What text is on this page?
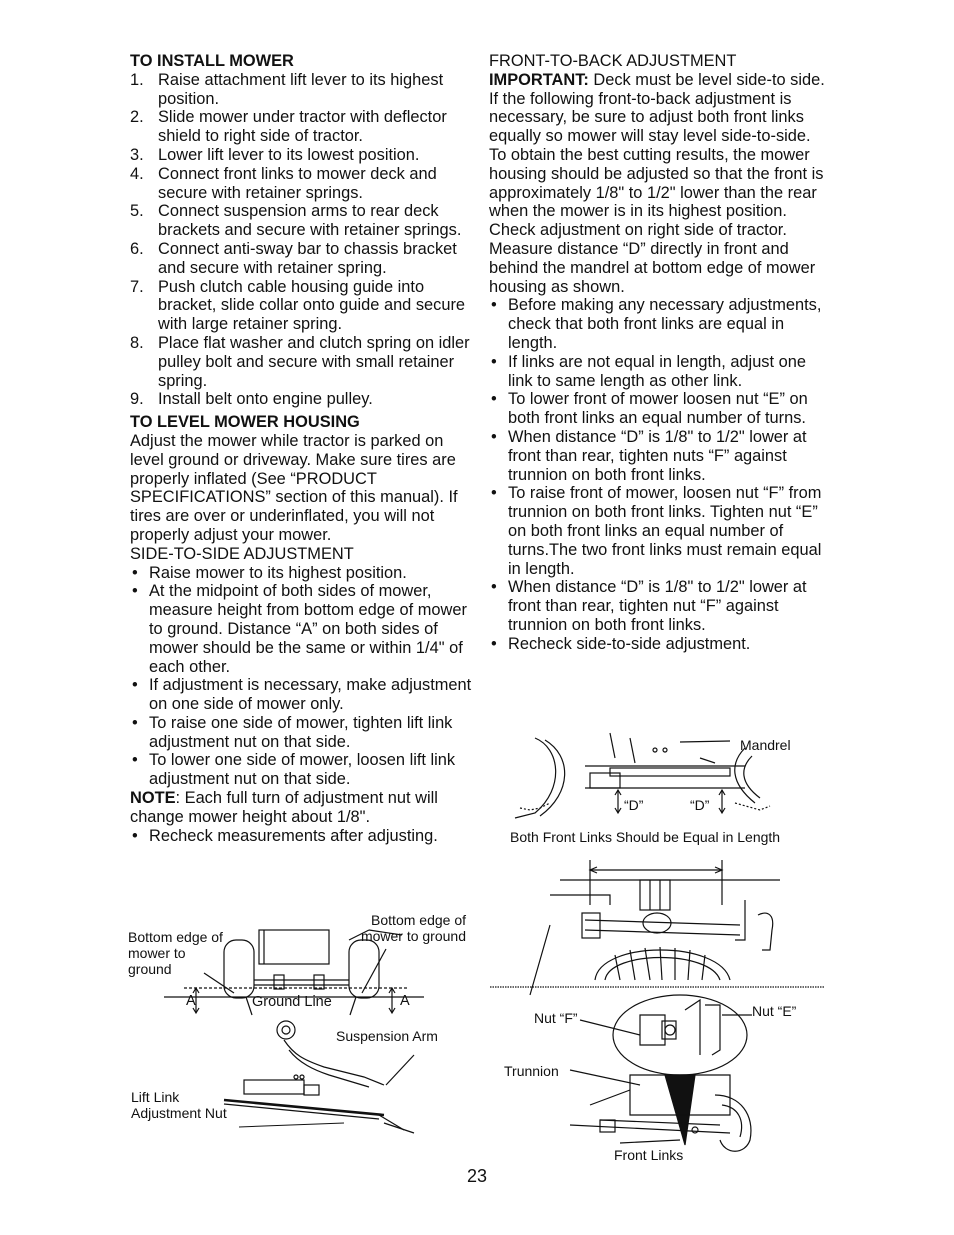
TO INSTALL MOWER
1. Raise attachment lift lever to its highest position.
2. Slide mower under tractor with deflector shield to right side of tractor.
3. Lower lift lever to its lowest position.
4. Connect front links to mower deck and secure with retainer springs.
5. Connect suspension arms to rear deck brackets and secure with retainer springs.
6. Connect anti-sway bar to chassis bracket and secure with retainer spring.
7. Push clutch cable housing guide into bracket, slide collar onto guide and secure with large retainer spring.
8. Place flat washer and clutch spring on idler pulley bolt and secure with small retainer spring.
9. Install belt onto engine pulley.
TO LEVEL MOWER HOUSING

Adjust the mower while tractor is parked on level ground or driveway. Make sure tires are properly inflated (See “PRODUCT SPECIFICATIONS” section of this manual). If tires are over or underinflated, you will not properly adjust your mower.

SIDE-TO-SIDE ADJUSTMENT

• Raise mower to its highest position.
• At the midpoint of both sides of mower, measure height from bottom edge of mower to ground. Distance “A” on both sides of mower should be the same or within 1/4" of each other.
• If adjustment is necessary, make adjustment on one side of mower only.
• To raise one side of mower, tighten lift link adjustment nut on that side.
• To lower one side of mower, loosen lift link adjustment nut on that side.

NOTE: Each full turn of adjustment nut will change mower height about 1/8".

• Recheck measurements after adjusting.

FRONT-TO-BACK ADJUSTMENT

IMPORTANT: Deck must be level side-to side. If the following front-to-back adjustment is necessary, be sure to adjust both front links equally so mower will stay level side-to-side.

To obtain the best cutting results, the mower housing should be adjusted so that the front is approximately 1/8" to 1/2" lower than the rear when the mower is in its highest position.

Check adjustment on right side of tractor. Measure distance “D” directly in front and behind the mandrel at bottom edge of mower housing as shown.

• Before making any necessary adjustments, check that both front links are equal in length.
• If links are not equal in length, adjust one link to same length as other link.
• To lower front of mower loosen nut “E” on both front links an equal number of turns.
• When distance “D” is 1/8" to 1/2" lower at front than rear, tighten nuts “F” against trunnion on both front links.
• To raise front of mower, loosen nut “F” from trunnion on both front links. Tighten nut “E” on both front links an equal number of turns.The two front links must remain equal in length.
• When distance “D” is 1/8" to 1/2" lower at front than rear, tighten nut “F” against trunnion on both front links.
• Recheck side-to-side adjustment.
Bottom edge of mower to ground
Bottom edge of mower to ground
A	A
Ground Line
Suspension Arm
Lift Link Adjustment Nut
Mandrel
“D”	“D”
Both Front Links Should be Equal in Length
Nut “F”	Nut “E”
Trunnion
Front Links
23
